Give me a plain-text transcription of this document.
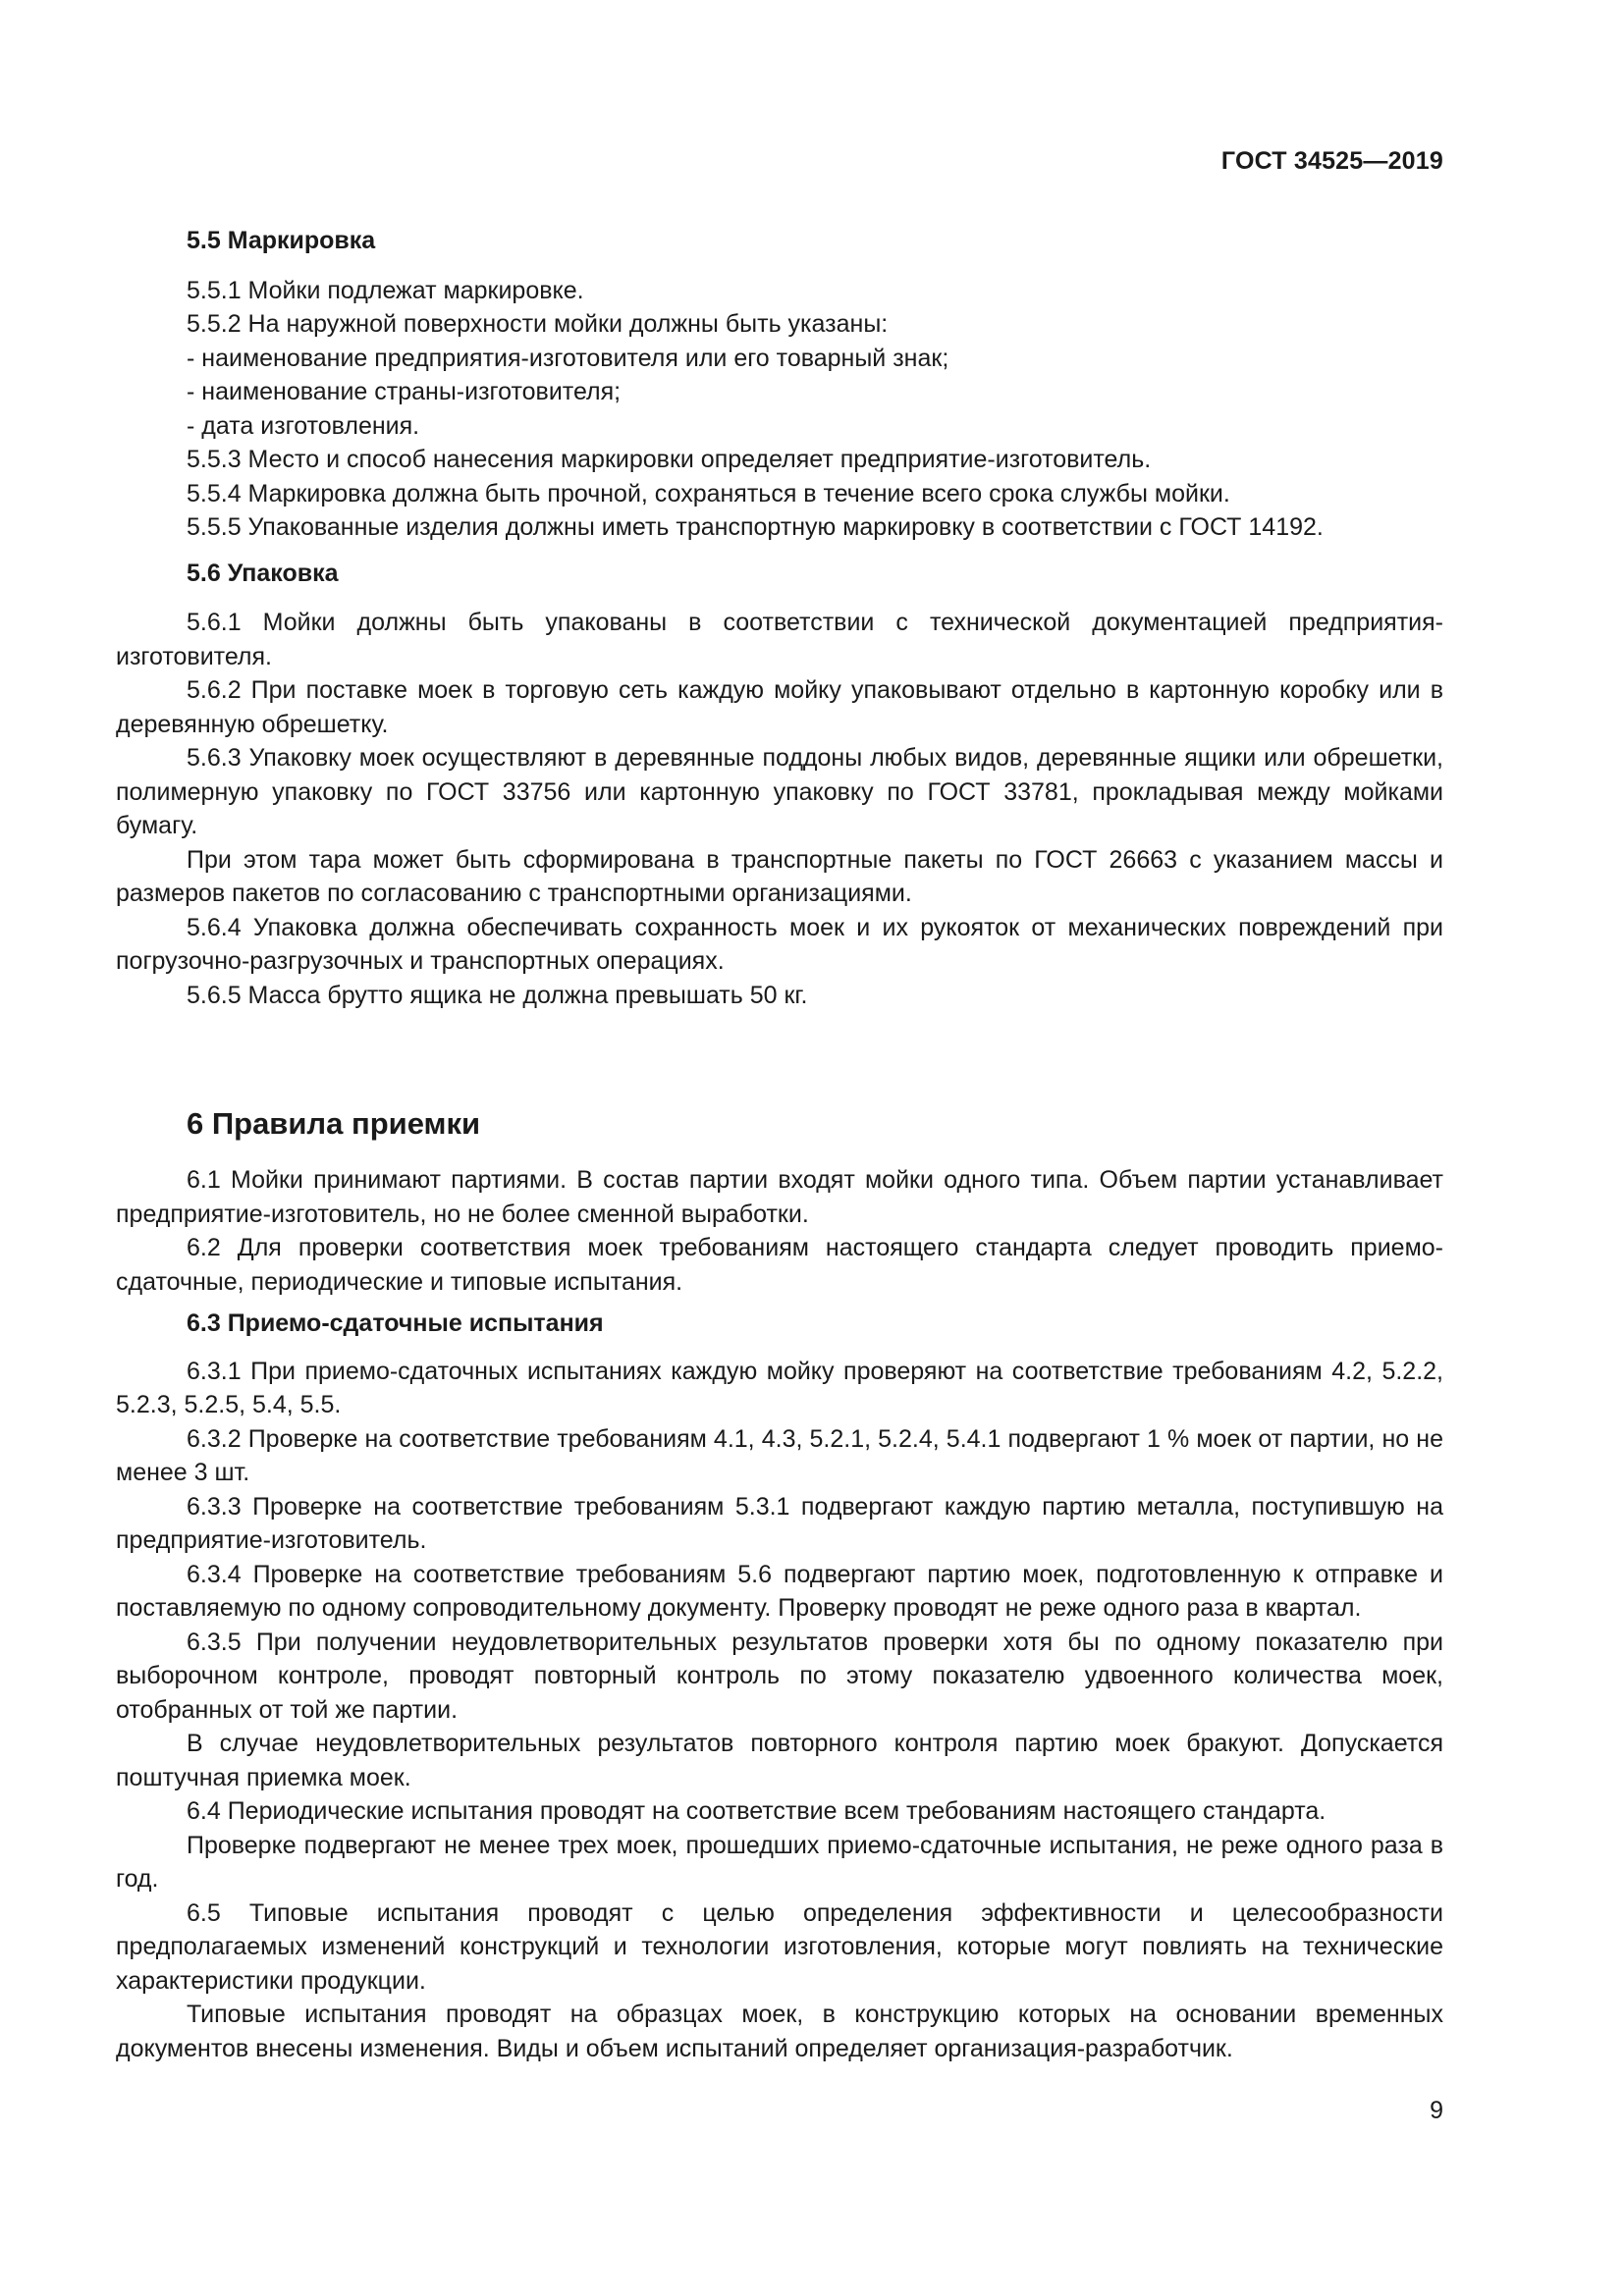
ГОСТ 34525—2019
5.5 Маркировка
5.5.1 Мойки подлежат маркировке.
5.5.2 На наружной поверхности мойки должны быть указаны:
- наименование предприятия-изготовителя или его товарный знак;
- наименование страны-изготовителя;
- дата изготовления.
5.5.3 Место и способ нанесения маркировки определяет предприятие-изготовитель.
5.5.4 Маркировка должна быть прочной, сохраняться в течение всего срока службы мойки.
5.5.5 Упакованные изделия должны иметь транспортную маркировку в соответствии с ГОСТ 14192.
5.6 Упаковка

5.6.1 Мойки должны быть упакованы в соответствии с технической документацией предприятия-изготовителя.

5.6.2 При поставке моек в торговую сеть каждую мойку упаковывают отдельно в картонную коробку или в деревянную обрешетку.

5.6.3 Упаковку моек осуществляют в деревянные поддоны любых видов, деревянные ящики или обрешетки, полимерную упаковку по ГОСТ 33756 или картонную упаковку по ГОСТ 33781, прокладывая между мойками бумагу.

При этом тара может быть сформирована в транспортные пакеты по ГОСТ 26663 с указанием массы и размеров пакетов по согласованию с транспортными организациями.

5.6.4 Упаковка должна обеспечивать сохранность моек и их рукояток от механических повреждений при погрузочно-разгрузочных и транспортных операциях.

5.6.5 Масса брутто ящика не должна превышать 50 кг.

6 Правила приемки

6.1 Мойки принимают партиями. В состав партии входят мойки одного типа. Объем партии устанавливает предприятие-изготовитель, но не более сменной выработки.

6.2 Для проверки соответствия моек требованиям настоящего стандарта следует проводить приемо-сдаточные, периодические и типовые испытания.

6.3 Приемо-сдаточные испытания

6.3.1 При приемо-сдаточных испытаниях каждую мойку проверяют на соответствие требованиям 4.2, 5.2.2, 5.2.3, 5.2.5, 5.4, 5.5.

6.3.2 Проверке на соответствие требованиям 4.1, 4.3, 5.2.1, 5.2.4, 5.4.1 подвергают 1 % моек от партии, но не менее 3 шт.

6.3.3 Проверке на соответствие требованиям 5.3.1 подвергают каждую партию металла, поступившую на предприятие-изготовитель.

6.3.4 Проверке на соответствие требованиям 5.6 подвергают партию моек, подготовленную к отправке и поставляемую по одному сопроводительному документу. Проверку проводят не реже одного раза в квартал.

6.3.5 При получении неудовлетворительных результатов проверки хотя бы по одному показателю при выборочном контроле, проводят повторный контроль по этому показателю удвоенного количества моек, отобранных от той же партии.

В случае неудовлетворительных результатов повторного контроля партию моек бракуют. Допускается поштучная приемка моек.

6.4 Периодические испытания проводят на соответствие всем требованиям настоящего стандарта.

Проверке подвергают не менее трех моек, прошедших приемо-сдаточные испытания, не реже одного раза в год.

6.5 Типовые испытания проводят с целью определения эффективности и целесообразности предполагаемых изменений конструкций и технологии изготовления, которые могут повлиять на технические характеристики продукции.

Типовые испытания проводят на образцах моек, в конструкцию которых на основании временных документов внесены изменения. Виды и объем испытаний определяет организация-разработчик.

9
